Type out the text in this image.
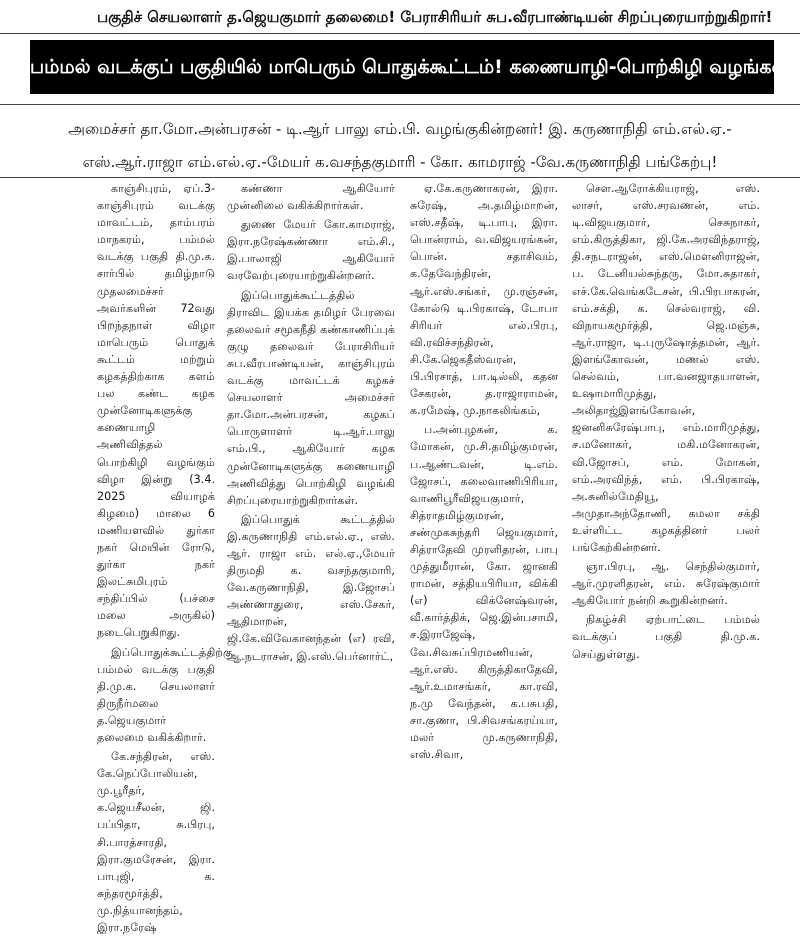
பகுதிச் செயலாளர் த.ஜெயகுமார் தலைமை! பேராசிரியர் சுப.வீரபாண்டியன் சிறப்புரையாற்றுகிறார்!
பம்மல் வடக்குப் பகுதியில் மாபெரும் பொதுக்கூட்டம்! கணையாழி-பொற்கிழி வழங்கல்!
அமைச்சர் தா.மோ.அன்பரசன் - டி.ஆர் பாலு எம்.பி. வழங்குகின்றனர்! இ. கருணாநிதி எம்.எல்.ஏ.-
எஸ்.ஆர்.ராஜா எம்.எல்.ஏ.-மேயர் க.வசந்தகுமாரி - கோ. காமராஜ் -வே.கருணாநிதி பங்கேற்பு!

காஞ்சிபுரம், ஏப்.3- காஞ்சிபுரம் வடக்கு மாவட்டம், தாம்பரம் மாநகரம், பம்மல் வடக்கு பகுதி தி.மு.க. சார்பில் தமிழ்நாடு முதலமைச்சர் அவர்களின் 72வது பிறந்தநாள் விழா மாபெரும் பொதுக் கூட்டம் மற்றும் கழகத்திற்காக களம் பல கண்ட கழக முன்னோடிகளுக்கு கணையாழி அணிவித்தல் பொற்கிழி வழங்கும் விழா இன்று (3.4. 2025 வியாழக் கிழமை) மாலை 6 மணியளவில் துர்கா நகர் மெயின் ரோடு, துர்கா நகர் இலட்சுமிபுரம் சந்திப்பில் (பச்சை மலை அருகில்) நடைபெறுகிறது.

இப்பொதுக்கூட்டத்திற்கு பம்மல் வடக்கு பகுதி தி.மு.க. செயலாளர் திருநீர்மலை த.ஜெயகுமார் தலைமை வகிக்கிறார்.

கே.சந்திரன், எஸ். கே.நெப்போலியன், மு.பூரீதர், க.ஜெயசீலன், ஜி. பப்பிதா, சு.பிரபு, சி.பாரத்சாரதி, இரா.குமரேசன், இரா. பாபுஜி, க. சுந்தரமூர்த்தி, மு.நித்யானந்தம், இரா.நரேஷ்

கண்ணா ஆகியோர் முன்னிலை வகிக்கிறார்கள்.

துணை மேயர் கோ.காமராஜ், இரா.நரேஷ்கண்ணா எம்.சி., இ.பாலாஜி ஆகியோர் வரவேற்புரையாற்றுகின்றனர்.

இப்பொதுக்கூட்டத்தில் திராவிட இயக்க தமிழர் பேரவை தலைவர் சமூகநீதி கண்காணிப்புக் குழு தலைவர் பேராசிரியர் சுப.வீரபாண்டியன், காஞ்சிபுரம் வடக்கு மாவட்டக் கழகச் செயலாளர் அமைச்சர் தா.மோ.அன்பரசன், கழகப் பொருளாளர் டி.ஆர்.பாலு எம்.பி., ஆகியோர் கழக முன்னோடிகளுக்கு கணையாழி அணிவித்து பொற்கிழி வழங்கி சிறப்புரையாற்றுகிறார்கள்.

இப்பொதுக் கூட்டத்தில் இ.கருணாநிதி எம்.எல்.ஏ., எஸ். ஆர். ராஜா எம். எல்.ஏ.,மேயர் திருமதி க. வசந்தகுமாரி, வே.கருணாநிதி, இ.ஜோசப் அண்ணாதுரை, எஸ்.சேகர், ஆதிமாறன், ஜி.கே.விவேகானந்தன் (எ) ரவி, ஆ.நடராசன், இ.எஸ்.பெர்னார்ட்,

ஏ.கே.கருணாகரன், இரா. சுரேஷ், அ.தமிழ்மாறன், எஸ்.சதீஷ், டி.பாபு, இரா. பொன்ராம், வ.விஜயரங்கன், பொன். சதாசிவம், க.தேவேந்திரன், ஆர்.எஸ்.சங்கர், மு.ரஞ்சன், கோல்டு டி.பிரகாஷ், டோபா சிரியர் எல்.பிரபு, வி.ரவிச்சந்திரன், சி.கே.ஜெகதீஸ்வரன், பி.பிரசாத், பா.டில்லி, கதன சேகரன், த.ராஜாராமன், க.ரமேஷ், மு.நாகலிங்கம்,

ப.அன்புழகன், க. மோகன், மு.சி.தமிழ்குமரன், ப.ஆண்டவன், டி.எம். ஜோசப், கலைவாணிபிரியா, வாணிபூரீவிஜயகுமார், சித்ராதமிழ்குமரன், சண்முகசுந்தரி ஜெயகுமார், சித்ராதேவி முரளிதரன், பாபு முத்துமீரான், கோ. ஜானகி ராமன், சத்தியபிரியா, விக்கி (எ) விக்னேஷ்வரன், வீ.கார்த்திக், ஜெ.இன்பசாமி, ச.இராஜேஷ், வே.சிவசுப்பிரமணியன், ஆர்.எஸ். கிருத்திகாதேவி, ஆர்.உமாசங்கர், கா.ரவி, ந.மு வேந்தன், க.பசுபதி, சா.குணா, பி.சிவசங்கரய்யா, மலர் மு.கருணாநிதி, எஸ்.சிவா,

செள.ஆரோக்கியராஜ், எஸ். லாசர், எஸ்.சரவணன், எம். டி.விஜயகுமார், செசுநாகர், எம்.கிருத்திகா, ஜி.கே.அரவிந்தராஜ், தி.சநடராஜன், எஸ்.மௌனிராஜன், ப. டேனியல்சுந்தரு, மோ.சுதாகர், எச்.கே.வெங்கடேசன், பி.பிரபாகரன், எம்.சக்தி, க. செல்வராஜ், வி. விநாயகமூர்த்தி, ஜெ.மஞ்சு, ஆர்.ராஜா, டி.புருஷோத்தமன், ஆர். இளங்கோவன், மணல் எஸ். செல்வம், பா.வனஜாதயாளன், உஷாமாரிமுத்து, அலிதாஜ்இளங்கோவன், ஜனனிசுரேஷ்பாபு, எம்.மாரிமுத்து, ச.மனோகர், மகி.மனோகரன், வி.ஜோசப், எம். மோகன், எம்.அரவிந்த், எம். பி.பிரகாஷ், அ.சுனில்மேதியூ, அமுதாஅந்தோணி, கமலா சக்தி உள்ளிட்ட கழகத்தினர் பலர் பங்கேற்கின்றனர்.

ஞா.பிரபு, ஆ. செந்தில்குமார், ஆர்.முரளிதரன், எம். சுரேஷ்குமார் ஆகியோர் நன்றி கூறுகின்றனர்.

நிகழ்ச்சி ஏற்பாட்டை பம்மல் வடக்குப் பகுதி தி.மு.க. செய்துள்ளது.
